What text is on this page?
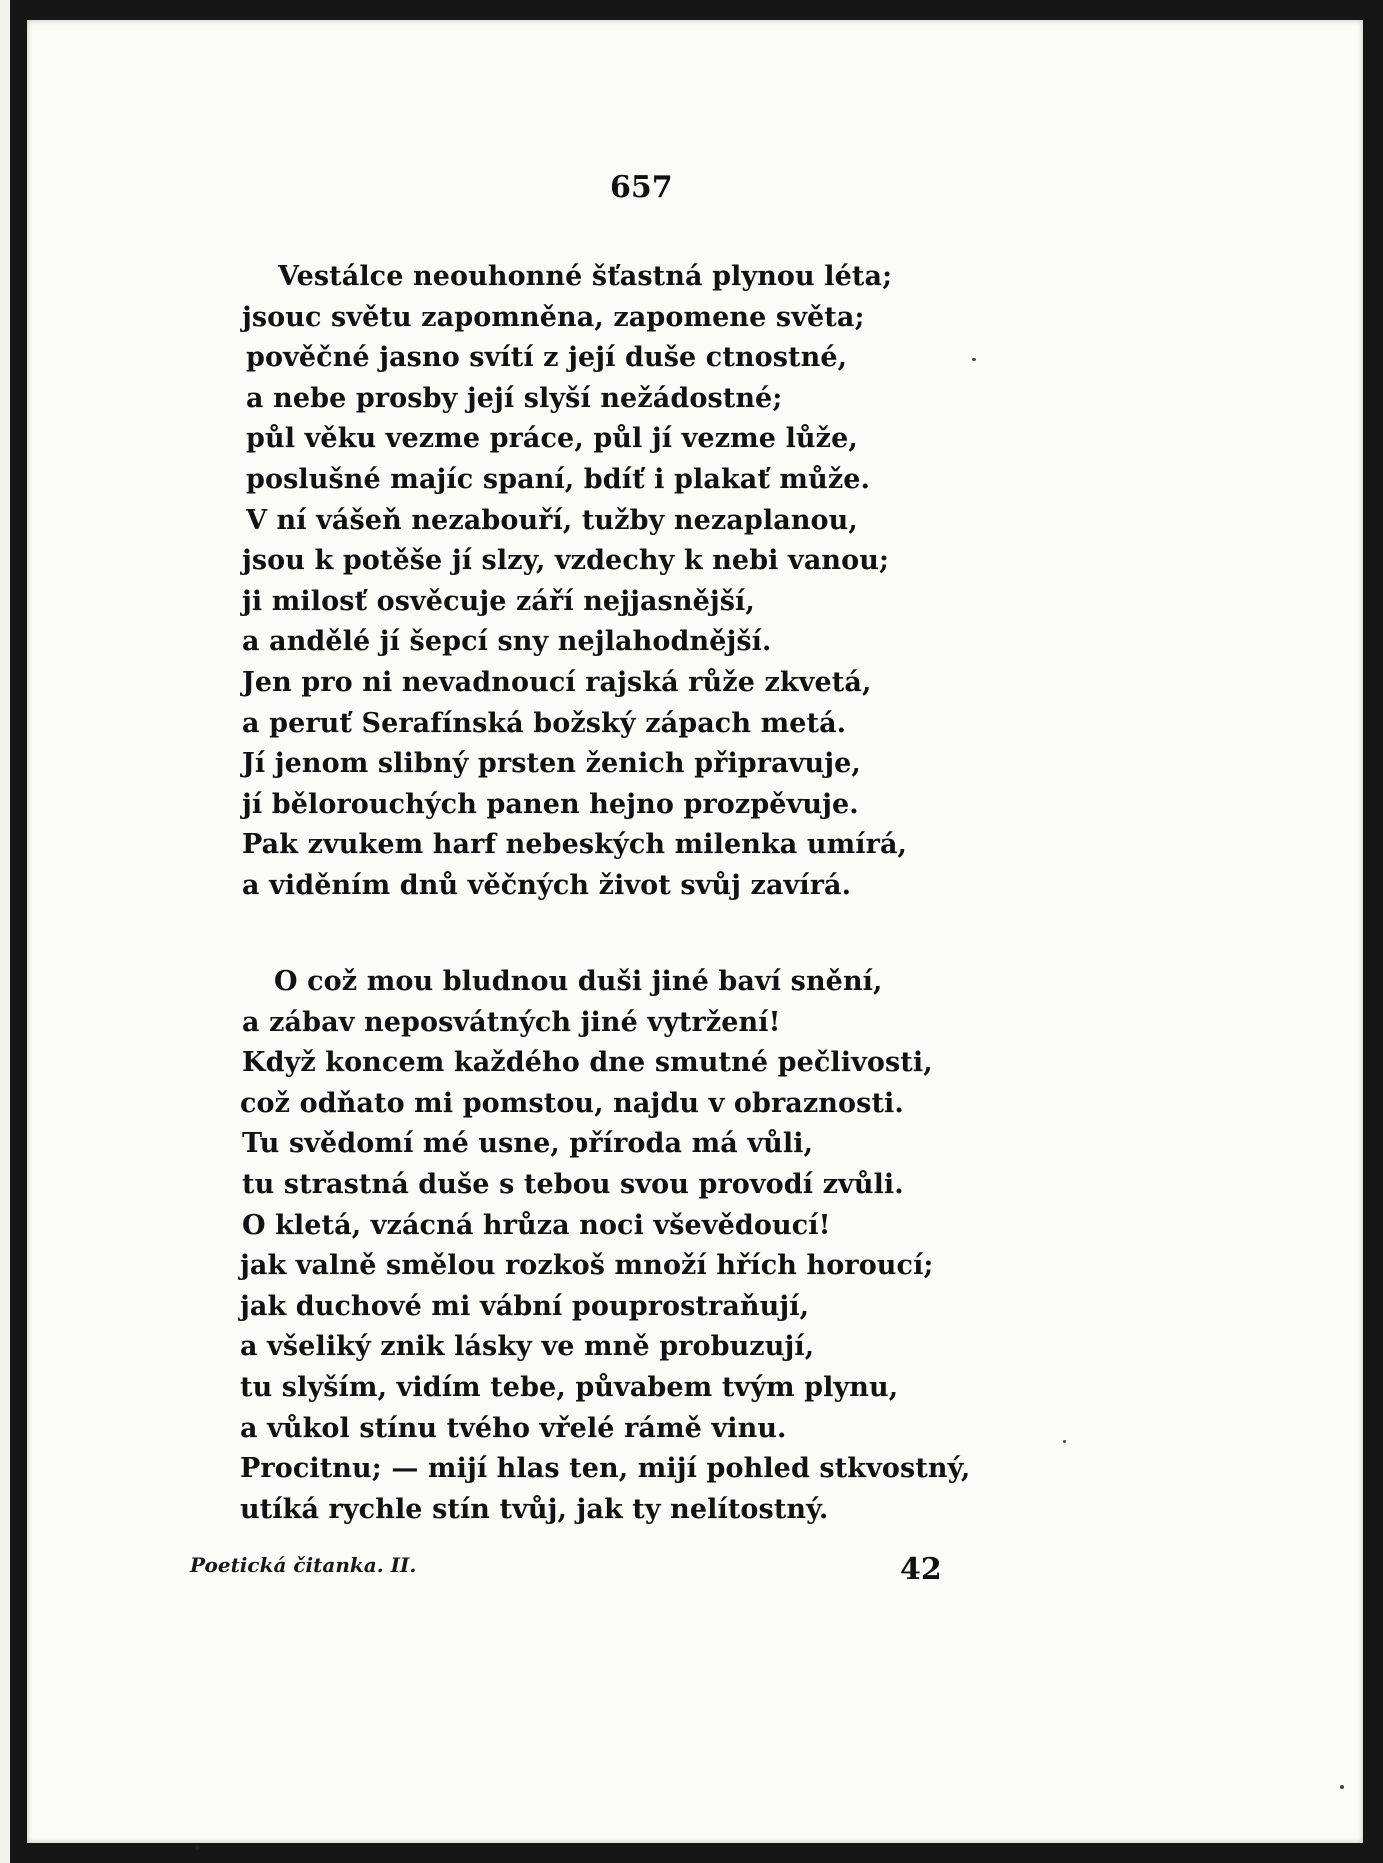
657
Vestálce neouhonné šťastná plynou léta;
jsouc světu zapomněna, zapomene světa;
pověčné jasno svítí z její duše ctnostné,
a nebe prosby její slyší nežádostné;
půl věku vezme práce, půl jí vezme lůže,
poslušné majíc spaní, bdíť i plakať může.
V ní vášeň nezabouří, tužby nezaplanou,
jsou k potěše jí slzy, vzdechy k nebi vanou;
ji milosť osvěcuje září nejjasnější,
a andělé jí šepcí sny nejlahodnější.
Jen pro ni nevadnoucí rajská růže zkvetá,
a peruť Serafínská božský zápach metá.
Jí jenom slibný prsten ženich připravuje,
jí bělorouchých panen hejno prozpěvuje.
Pak zvukem harf nebeských milenka umírá,
a viděním dnů věčných život svůj zavírá.
O což mou bludnou duši jiné baví snění,
a zábav neposvátných jiné vytržení!
Když koncem každého dne smutné pečlivosti,
což odňato mi pomstou, najdu v obraznosti.
Tu svědomí mé usne, příroda má vůli,
tu strastná duše s tebou svou provodí zvůli.
O kletá, vzácná hrůza noci vševědoucí!
jak valně smělou rozkoš množí hřích horoucí;
jak duchové mi vábní pouprostraňují,
a všeliký znik lásky ve mně probuzují,
tu slyším, vidím tebe, půvabem tvým plynu,
a vůkol stínu tvého vřelé rámě vinu.
Procitnu; — mijí hlas ten, mijí pohled stkvostný,
utíká rychle stín tvůj, jak ty nelítostný.
Poetická čitanka. II.	42
